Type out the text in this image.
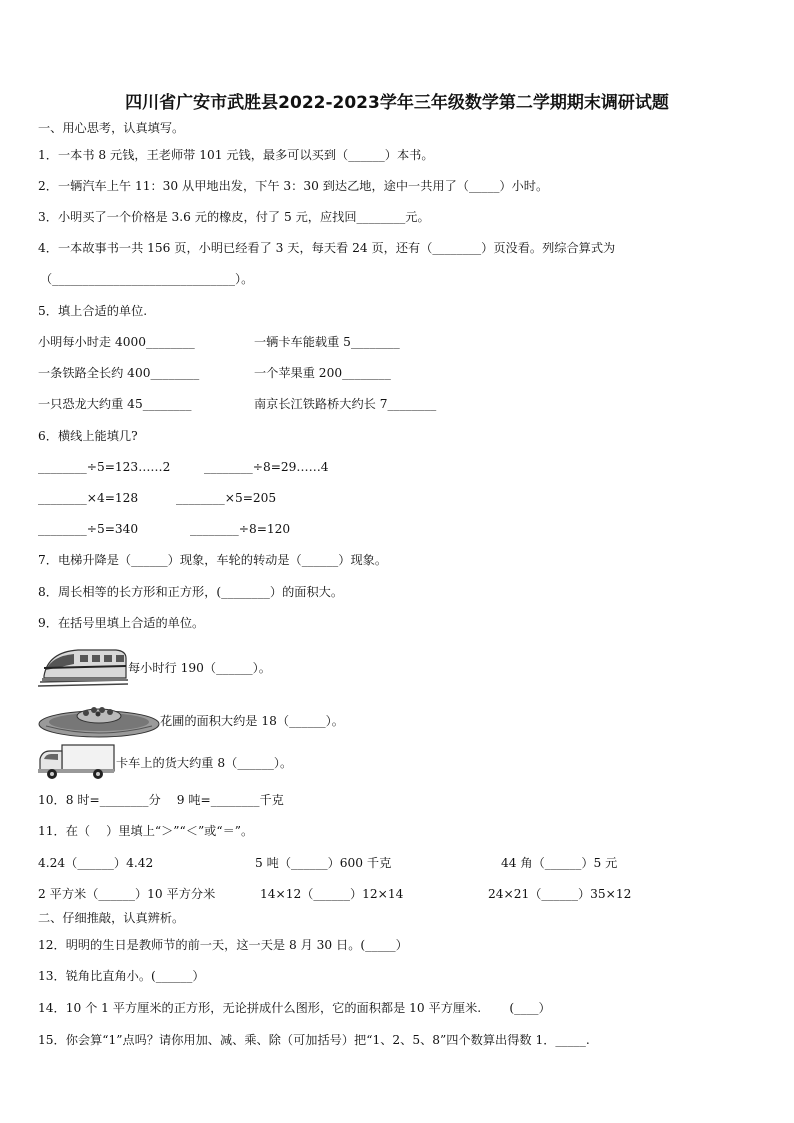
四川省广安市武胜县2022-2023学年三年级数学第二学期期末调研试题
一、用心思考，认真填写。
1．一本书 8 元钱，王老师带 101 元钱，最多可以买到（______）本书。
2．一辆汽车上午 11：30 从甲地出发，下午 3：30 到达乙地，途中一共用了（_____）小时。
3．小明买了一个价格是 3.6 元的橡皮，付了 5 元，应找回________元。
4．一本故事书一共 156 页，小明已经看了 3 天，每天看 24 页，还有（________）页没看。列综合算式为
（______________________________）。
5．填上合适的单位.
小明每小时走 4000________	一辆卡车能载重 5________
一条铁路全长约 400________	一个苹果重 200________
一只恐龙大约重 45________	南京长江铁路桥大约长 7________
6．横线上能填几?
________÷5=123……2	________÷8=29……4
________×4=128	________×5=205
________÷5=340	________÷8=120
7．电梯升降是（______）现象，车轮的转动是（______）现象。
8．周长相等的长方形和正方形，(________）的面积大。
9．在括号里填上合适的单位。
每小时行 190（______）。
花圃的面积大约是 18（______）。
卡车上的货大约重 8（______）。
10．8 时=________分　 9 吨=________千克
11．在（　 ）里填上“＞”“＜”或“＝”。
4.24（______）4.42	5 吨（______）600 千克	44 角（______）5 元
2 平方米（______）10 平方分米	14×12（______）12×14	24×21（______）35×12
二、仔细推敲，认真辨析。
12．明明的生日是教师节的前一天，这一天是 8 月 30 日。(_____）
13．锐角比直角小。(______）
14．10 个 1 平方厘米的正方形，无论拼成什么图形，它的面积都是 10 平方厘米.　　 (____）
15．你会算“1”点吗？请你用加、减、乘、除（可加括号）把“1、2、5、8”四个数算出得数 1．_____.
